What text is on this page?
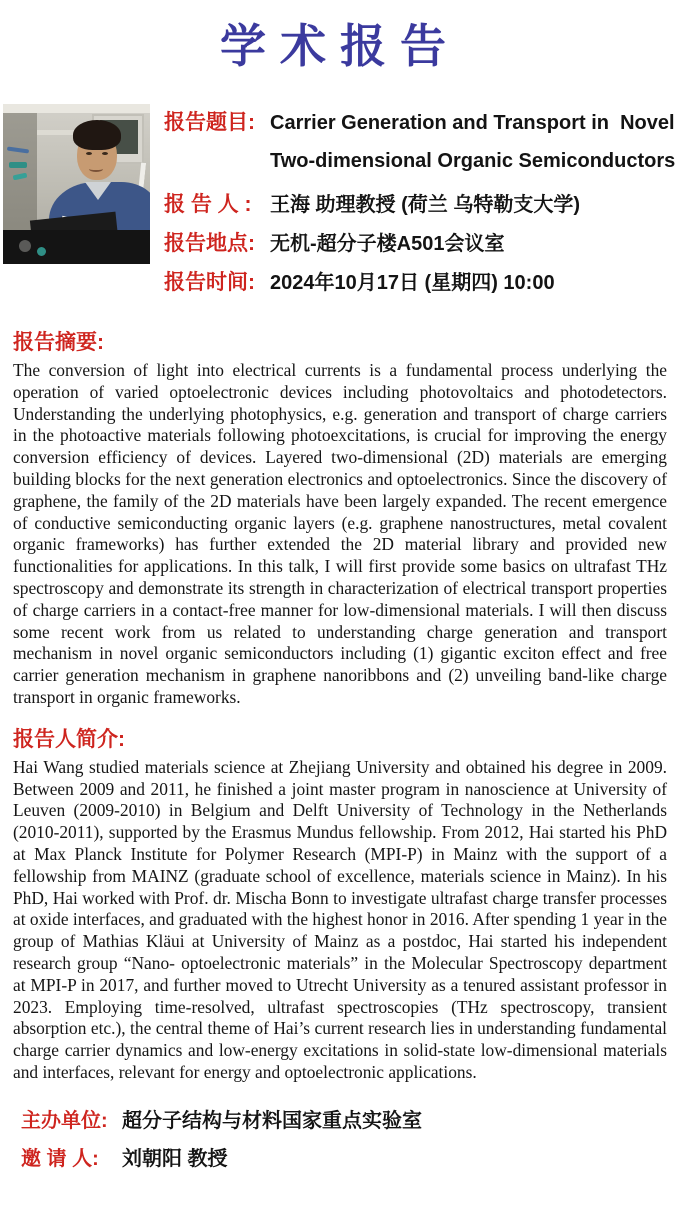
学术报告
报告题目: Carrier Generation and Transport in  Novel
Two-dimensional Organic Semiconductors
报 告 人 : 王海 助理教授 (荷兰 乌特勒支大学)
报告地点: 无机-超分子楼A501会议室
报告时间: 2024年10月17日 (星期四) 10:00
报告摘要:
The conversion of light into electrical currents is a fundamental process underlying the operation of varied optoelectronic devices including photovoltaics and photodetectors. Understanding the underlying photophysics, e.g. generation and transport of charge carriers in the photoactive materials following photoexcitations, is crucial for improving the energy conversion efficiency of devices. Layered two-dimensional (2D) materials are emerging building blocks for the next generation electronics and optoelectronics. Since the discovery of graphene, the family of the 2D materials have been largely expanded. The recent emergence of conductive semiconducting organic layers (e.g. graphene nanostructures, metal covalent organic frameworks) has further extended the 2D material library and provided new functionalities for applications. In this talk, I will first provide some basics on ultrafast THz spectroscopy and demonstrate its strength in characterization of electrical transport properties of charge carriers in a contact-free manner for low-dimensional materials. I will then discuss some recent work from us related to understanding charge generation and transport mechanism in novel organic semiconductors including (1) gigantic exciton effect and free carrier generation mechanism in graphene nanoribbons and (2) unveiling band-like charge transport in organic frameworks.
报告人简介:
Hai Wang studied materials science at Zhejiang University and obtained his degree in 2009. Between 2009 and 2011, he finished a joint master program in nanoscience at University of Leuven (2009-2010) in Belgium and Delft University of Technology in the Netherlands (2010-2011), supported by the Erasmus Mundus fellowship. From 2012, Hai started his PhD at Max Planck Institute for Polymer Research (MPI-P) in Mainz with the support of a fellowship from MAINZ (graduate school of excellence, materials science in Mainz). In his PhD, Hai worked with Prof. dr. Mischa Bonn to investigate ultrafast charge transfer processes at oxide interfaces, and graduated with the highest honor in 2016. After spending 1 year in the group of Mathias Kläui at University of Mainz as a postdoc, Hai started his independent research group “Nano- optoelectronic materials” in the Molecular Spectroscopy department at MPI-P in 2017, and further moved to Utrecht University as a tenured assistant professor in 2023. Employing time-resolved, ultrafast spectroscopies (THz spectroscopy, transient absorption etc.), the central theme of Hai’s current research lies in understanding fundamental charge carrier dynamics and low-energy excitations in solid-state low-dimensional materials and interfaces, relevant for energy and optoelectronic applications.
主办单位: 超分子结构与材料国家重点实验室
邀 请 人:	刘朝阳 教授
